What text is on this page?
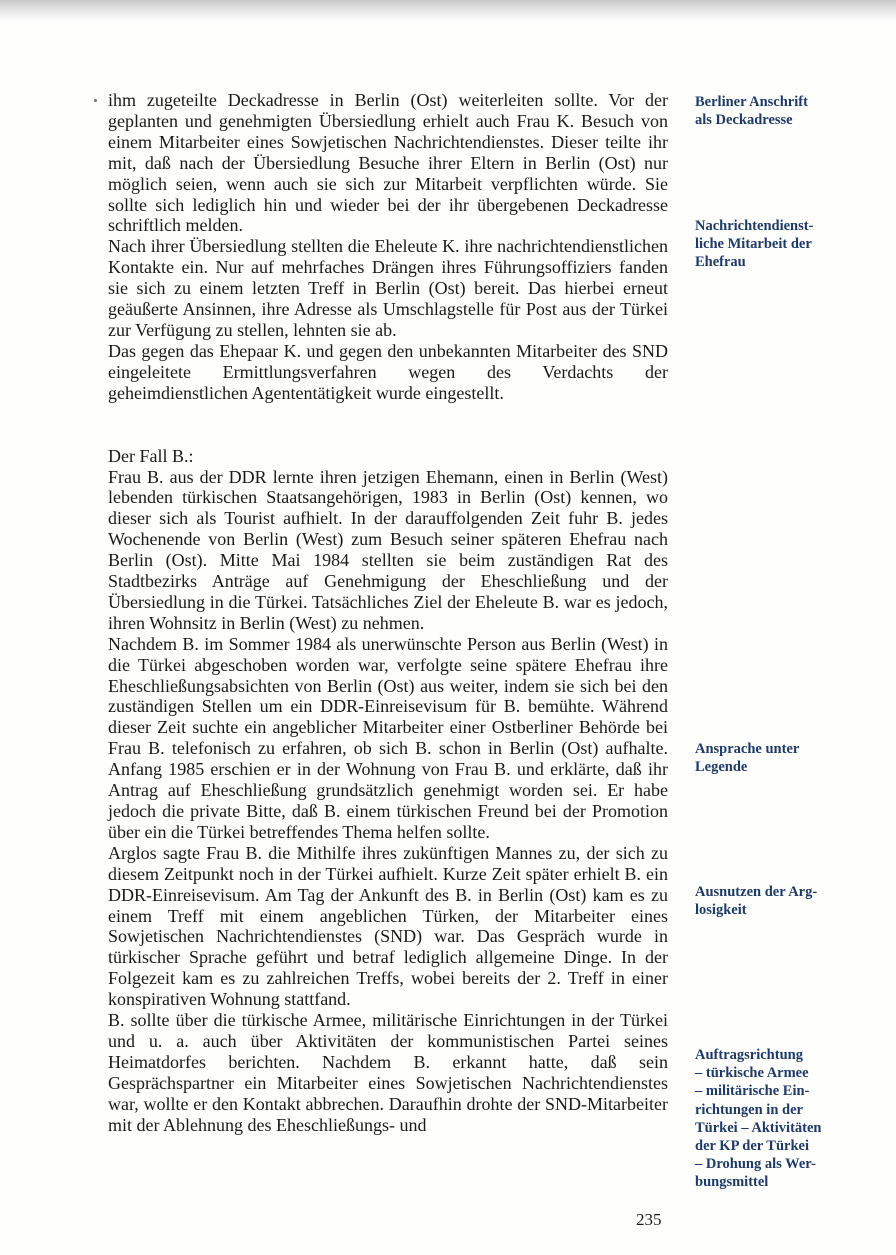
ihm zugeteilte Deckadresse in Berlin (Ost) weiterleiten sollte. Vor der geplanten und genehmigten Übersiedlung erhielt auch Frau K. Besuch von einem Mitarbeiter eines Sowjetischen Nachrichtendienstes. Dieser teilte ihr mit, daß nach der Übersiedlung Besuche ihrer Eltern in Berlin (Ost) nur möglich seien, wenn auch sie sich zur Mitarbeit verpflichten würde. Sie sollte sich lediglich hin und wieder bei der ihr übergebenen Deckadresse schriftlich melden.

Nach ihrer Übersiedlung stellten die Eheleute K. ihre nachrichtendienstlichen Kontakte ein. Nur auf mehrfaches Drängen ihres Führungsoffiziers fanden sie sich zu einem letzten Treff in Berlin (Ost) bereit. Das hierbei erneut geäußerte Ansinnen, ihre Adresse als Umschlagstelle für Post aus der Türkei zur Verfügung zu stellen, lehnten sie ab.

Das gegen das Ehepaar K. und gegen den unbekannten Mitarbeiter des SND eingeleitete Ermittlungsverfahren wegen des Verdachts der geheimdienstlichen Agententätigkeit wurde eingestellt.

Der Fall B.:

Frau B. aus der DDR lernte ihren jetzigen Ehemann, einen in Berlin (West) lebenden türkischen Staatsangehörigen, 1983 in Berlin (Ost) kennen, wo dieser sich als Tourist aufhielt. In der darauffolgenden Zeit fuhr B. jedes Wochenende von Berlin (West) zum Besuch seiner späteren Ehefrau nach Berlin (Ost). Mitte Mai 1984 stellten sie beim zuständigen Rat des Stadtbezirks Anträge auf Genehmigung der Eheschließung und der Übersiedlung in die Türkei. Tatsächliches Ziel der Eheleute B. war es jedoch, ihren Wohnsitz in Berlin (West) zu nehmen.

Nachdem B. im Sommer 1984 als unerwünschte Person aus Berlin (West) in die Türkei abgeschoben worden war, verfolgte seine spätere Ehefrau ihre Eheschließungsabsichten von Berlin (Ost) aus weiter, indem sie sich bei den zuständigen Stellen um ein DDR-Einreisevisum für B. bemühte. Während dieser Zeit suchte ein angeblicher Mitarbeiter einer Ostberliner Behörde bei Frau B. telefonisch zu erfahren, ob sich B. schon in Berlin (Ost) aufhalte. Anfang 1985 erschien er in der Wohnung von Frau B. und erklärte, daß ihr Antrag auf Eheschließung grundsätzlich genehmigt worden sei. Er habe jedoch die private Bitte, daß B. einem türkischen Freund bei der Promotion über ein die Türkei betreffendes Thema helfen sollte.

Arglos sagte Frau B. die Mithilfe ihres zukünftigen Mannes zu, der sich zu diesem Zeitpunkt noch in der Türkei aufhielt. Kurze Zeit später erhielt B. ein DDR-Einreisevisum. Am Tag der Ankunft des B. in Berlin (Ost) kam es zu einem Treff mit einem angeblichen Türken, der Mitarbeiter eines Sowjetischen Nachrichtendienstes (SND) war. Das Gespräch wurde in türkischer Sprache geführt und betraf lediglich allgemeine Dinge. In der Folgezeit kam es zu zahlreichen Treffs, wobei bereits der 2. Treff in einer konspirativen Wohnung stattfand.

B. sollte über die türkische Armee, militärische Einrichtungen in der Türkei und u. a. auch über Aktivitäten der kommunistischen Partei seines Heimatdorfes berichten. Nachdem B. erkannt hatte, daß sein Gesprächspartner ein Mitarbeiter eines Sowjetischen Nachrichtendienstes war, wollte er den Kontakt abbrechen. Daraufhin drohte der SND-Mitarbeiter mit der Ablehnung des Eheschließungs- und

Berliner Anschrift
als Deckadresse
Nachrichtendienst-
liche Mitarbeit der
Ehefrau
Ansprache unter
Legende
Ausnutzen der Arg-
losigkeit
Auftragsrichtung
– türkische Armee
– militärische Ein-
richtungen in der
Türkei – Aktivitäten
der KP der Türkei
– Drohung als Wer-
bungsmittel
235
